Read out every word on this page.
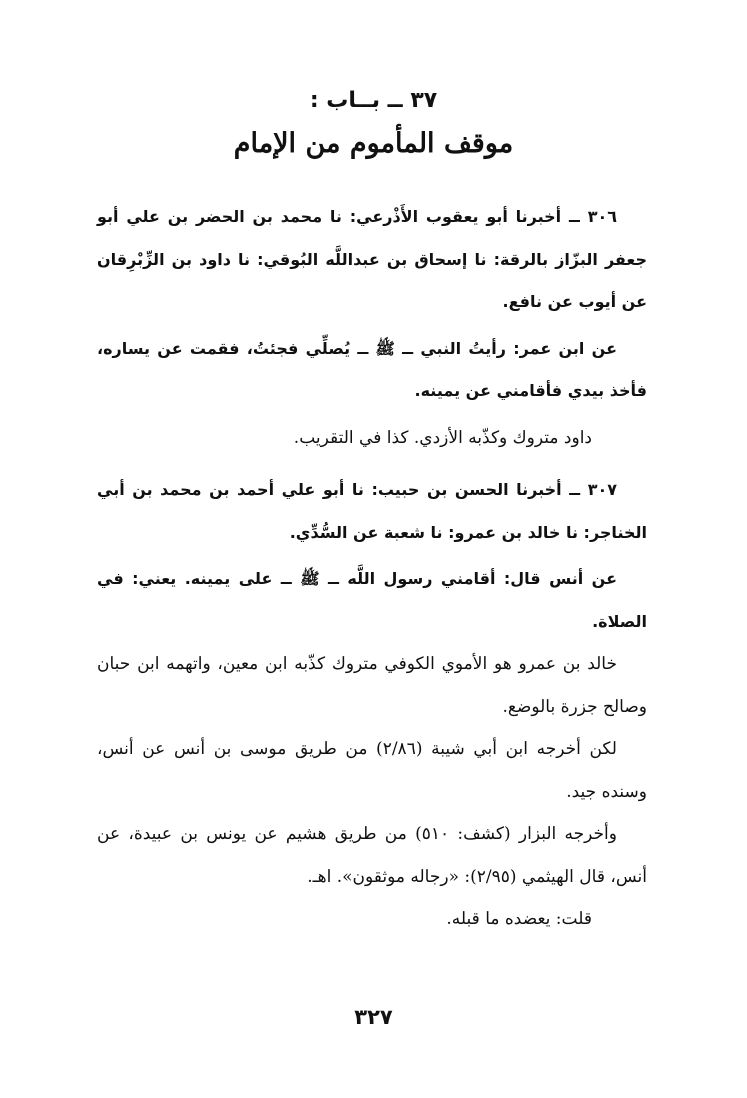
٣٧ ــ بــاب :
موقف المأموم من الإمام

٣٠٦ ــ أخبرنا أبو يعقوب الأَذْرعي: نا محمد بن الحضر بن علي أبو جعفر البزّاز بالرقة: نا إسحاق بن عبداللَّه البُوقي: نا داود بن الزِّبْرِقان عن أيوب عن نافع.

عن ابن عمر: رأيتُ النبي ــ ﷺ ــ يُصلِّي فجئتُ، فقمت عن يساره، فأخذ بيدي فأقامني عن يمينه.

داود متروك وكذّبه الأزدي. كذا في التقريب.

٣٠٧ ــ أخبرنا الحسن بن حبيب: نا أبو علي أحمد بن محمد بن أبي الخناجر: نا خالد بن عمرو: نا شعبة عن السُّدِّي.

عن أنس قال: أقامني رسول اللَّه ــ ﷺ ــ على يمينه. يعني: في الصلاة.

خالد بن عمرو هو الأموي الكوفي متروك كذّبه ابن معين، واتهمه ابن حبان وصالح جزرة بالوضع.

لكن أخرجه ابن أبي شيبة (٢/٨٦) من طريق موسى بن أنس عن أنس، وسنده جيد.

وأخرجه البزار (كشف: ٥١٠) من طريق هشيم عن يونس بن عبيدة، عن أنس، قال الهيثمي (٢/٩٥): «رجاله موثقون». اهـ.

قلت: يعضده ما قبله.

٣٢٧
